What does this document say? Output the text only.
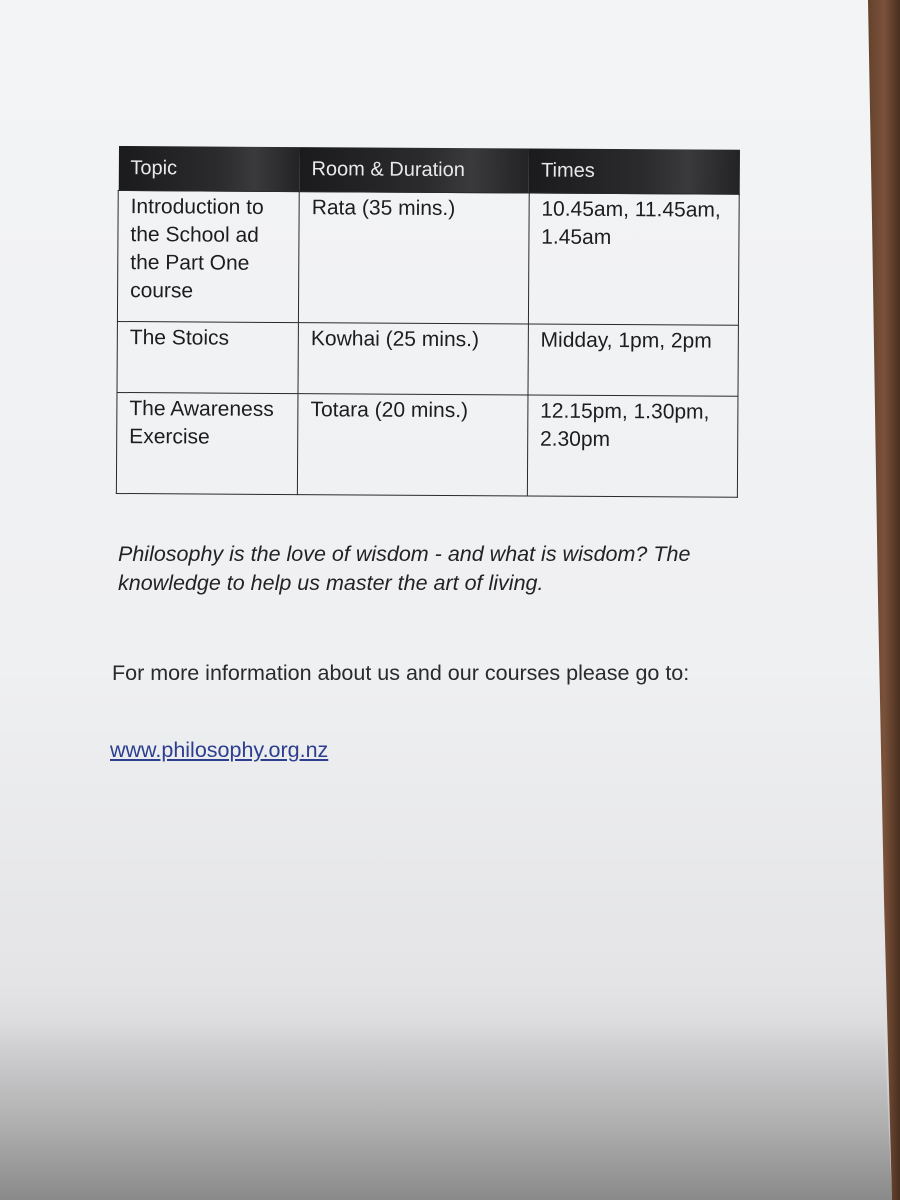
Topic	Room & Duration	Times
Introduction to the School ad the Part One course	Rata (35 mins.)	10.45am, 11.45am, 1.45am
The Stoics	Kowhai (25 mins.)	Midday, 1pm, 2pm
The Awareness Exercise	Totara (20 mins.)	12.15pm, 1.30pm, 2.30pm
Philosophy is the love of wisdom - and what is wisdom? The knowledge to help us master the art of living.
For more information about us and our courses please go to:
www.philosophy.org.nz
